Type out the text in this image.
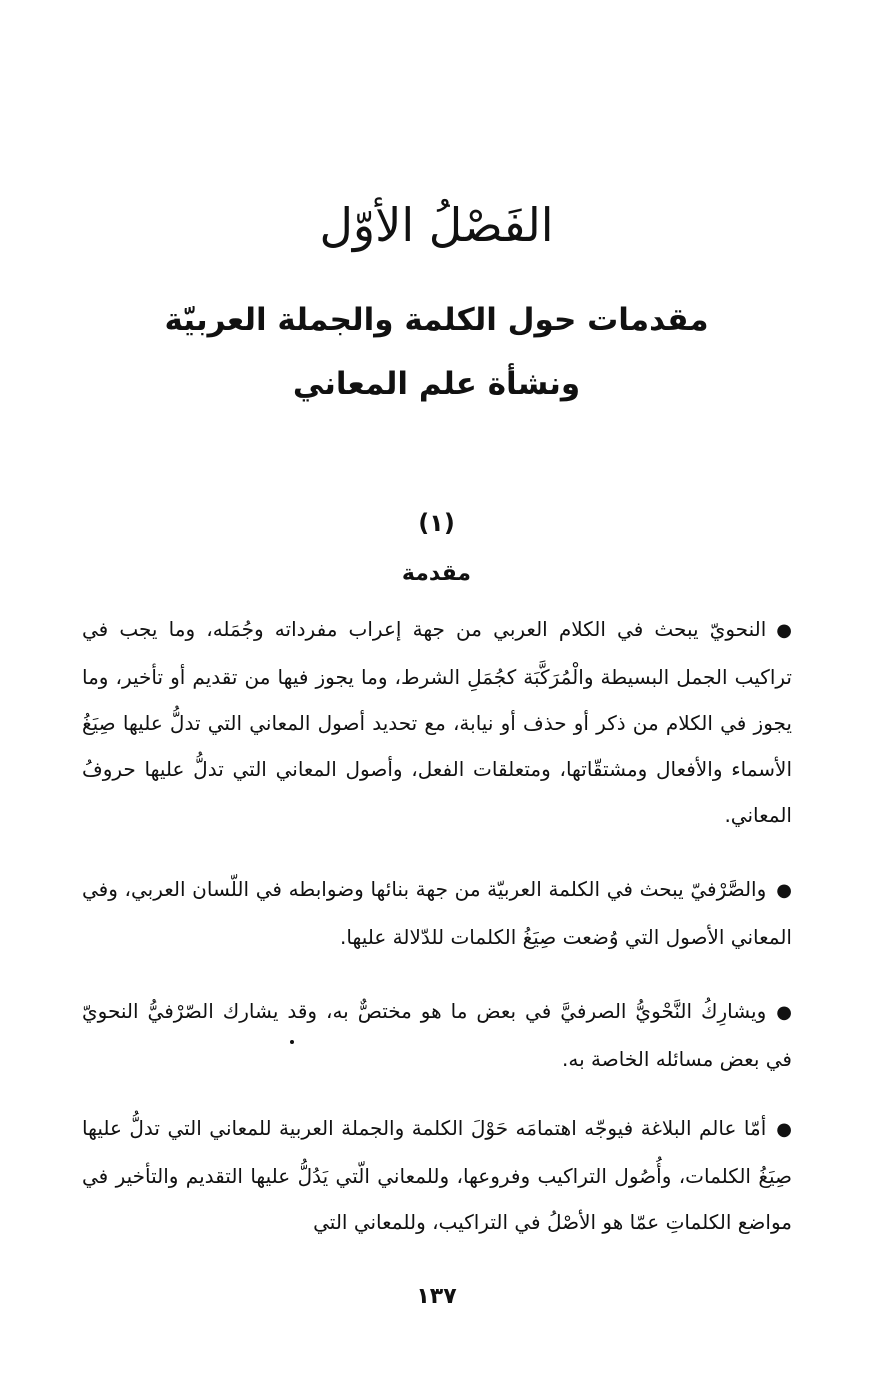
الفَصْلُ الأوّل
مقدمات حول الكلمة والجملة العربيّة
ونشأة علم المعاني
(١)
مقدمة
●النحويّ يبحث في الكلام العربي من جهة إعراب مفرداته وجُمَله، وما يجب في تراكيب الجمل البسيطة والْمُرَكَّبَة كجُمَلِ الشرط، وما يجوز فيها من تقديم أو تأخير، وما يجوز في الكلام من ذكر أو حذف أو نيابة، مع تحديد أصول المعاني التي تدلُّ عليها صِيَغُ الأسماء والأفعال ومشتقّاتها، ومتعلقات الفعل، وأصول المعاني التي تدلُّ عليها حروفُ المعاني.
●والصَّرْفيّ يبحث في الكلمة العربيّة من جهة بنائها وضوابطه في اللّسان العربي، وفي المعاني الأصول التي وُضعت صِيَغُ الكلمات للدّلالة عليها.
●ويشارِكُ النَّحْويُّ الصرفيَّ في بعض ما هو مختصٌّ به، وقد يشارك الصّرْفيُّ النحويّ في بعض مسائله الخاصة به.
●أمّا عالم البلاغة فيوجّه اهتمامَه حَوْلَ الكلمة والجملة العربية للمعاني التي تدلُّ عليها صِيَغُ الكلمات، وأُصُول التراكيب وفروعها، وللمعاني الّتي يَدُلُّ عليها التقديم والتأخير في مواضع الكلماتِ عمّا هو الأصْلُ في التراكيب، وللمعاني التي
١٣٧
